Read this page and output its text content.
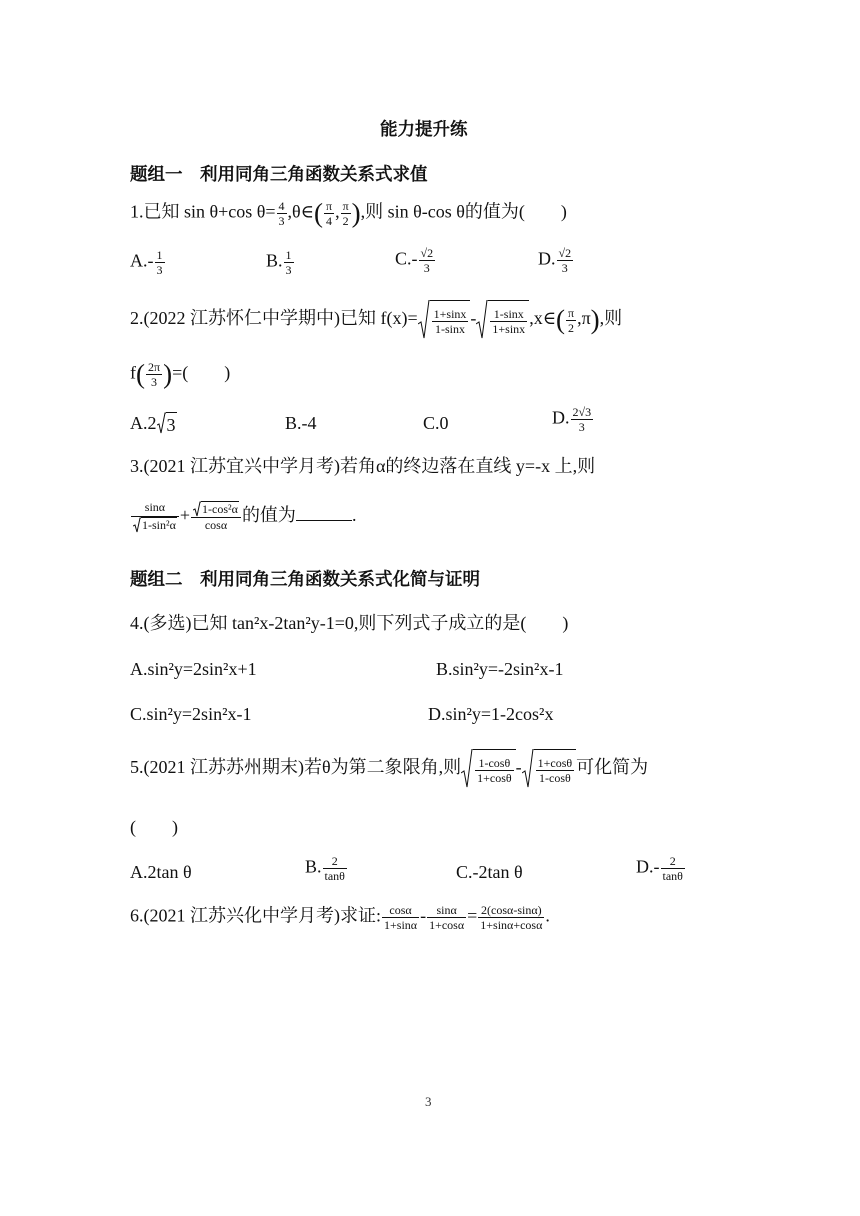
能力提升练
题组一　利用同角三角函数关系式求值
1.已知 sin θ+cos $\theta= \frac{4}{3}$ ,θ∈( $\frac{\pi}{4}$ , $\frac{\pi}{2}$ ),则 sin θ-cos θ的值为(　　)
$A.- \frac{1}{3}$	B. $\frac{1}{3}$	$C.- \frac{√2}{3}$	D. $\frac{√2}{3}$
2.(2022 江苏怀仁中学期中)已知 $f(x)= \frac{1+\sin x}{1-\sin x} - \frac{1-\sin x}{1+\sin x}$ ,x∈( $\frac{\pi}{2} ,\pi$),则
$f( \frac{2\pi}{3}$ )=(　　)
A.2 3	B.-4	C.0	D. $\frac{2√3}{3}$
3.(2021 江苏宜兴中学月考)若角α的终边落在直线 y=-x 上,则
$\frac{\sin\alpha}{\text{1-sin²α}} + \frac{\text{1-cos²α}}{\cos\alpha}$ 的值为	.
题组二　利用同角三角函数关系式化简与证明
4.(多选)已知 tan²x-2tan²y-1=0,则下列式子成立的是(　　)
A.sin²y=2sin²x+1	B.sin²y=-2sin²x-1
C.sin²y=2sin²x-1	D.sin²y=1-2cos²x
5.(2021 江苏苏州期末)若θ为第二象限角,则 $\frac{1-\cos\theta}{1+\cos\theta} - \frac{1+\cos\theta}{1-\cos\theta}$ 可化简为
(　　)
A.2tan θ	B. $\frac{2}{\tan\theta}$	C.-2tan θ	$D.- \frac{2}{\tan\theta}$
6.(2021 江苏兴化中学月考)求证: $\frac{\cos\alpha}{1+\sin\alpha} - \frac{\sin\alpha}{1+\cos\alpha} = \frac{2(\cos\alpha-\sin\alpha)}{1+\sin\alpha+\cos\alpha}$ .
3
